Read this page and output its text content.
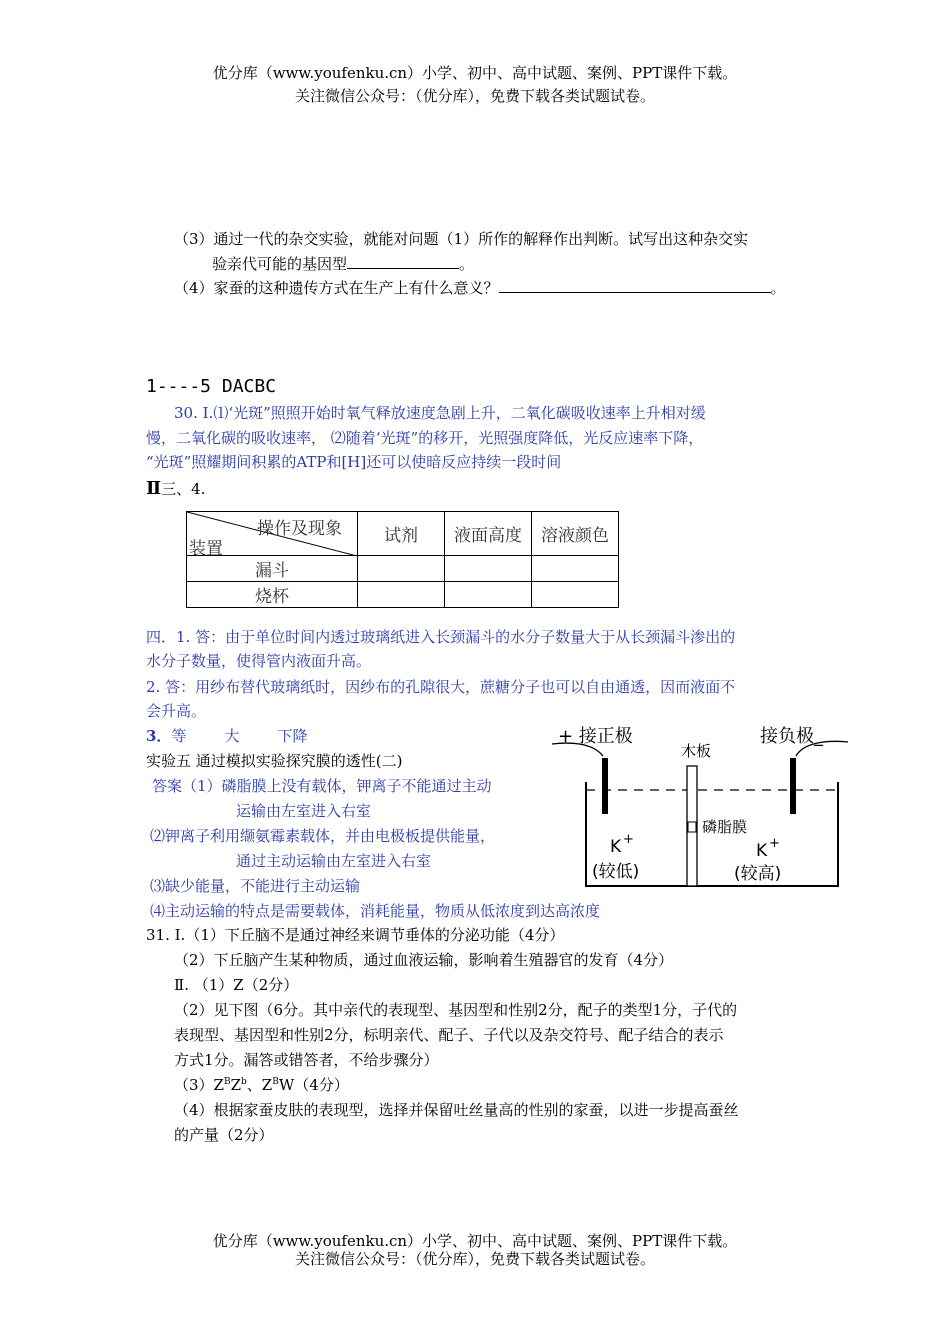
优分库（www.youfenku.cn）小学、初中、高中试题、案例、PPT课件下载。
关注微信公众号：（优分库），免费下载各类试题试卷。
（3）通过一代的杂交实验，就能对问题（1）所作的解释作出判断。试写出这种杂交实
验亲代可能的基因型	。
（4）家蚕的这种遗传方式在生产上有什么意义？	。
1----5 DACBC
30. I.⑴‘光斑”照照开始时氧气释放速度急剧上升，二氧化碳吸收速率上升相对缓
慢，二氧化碳的吸收速率， ⑵随着‘光斑”的移开，光照强度降低，光反应速率下降，
“光斑”照耀期间积累的ATP和[H]还可以使暗反应持续一段时间
Ⅱ三、4.
操作及现象
装置	试剂	液面高度	溶液颜色
漏斗			
烧杯			
四．1. 答：由于单位时间内透过玻璃纸进入长颈漏斗的水分子数量大于从长颈漏斗渗出的
水分子数量，使得管内液面升高。
2. 答：用纱布替代玻璃纸时，因纱布的孔隙很大，蔗糖分子也可以自由通透，因而液面不
会升高。
3．等	大	下降
实验五 通过模拟实验探究膜的透性(二)
答案（1）磷脂膜上没有载体，钾离子不能通过主动
运输由左室进入右室
⑵钾离子利用缬氨霉素载体，并由电极板提供能量，
通过主动运输由左室进入右室
⑶缺少能量，不能进行主动运输
⑷主动运输的特点是需要载体，消耗能量，物质从低浓度到达高浓度
木板
磷脂膜
+ 接正极	接负极_
K +
(较低)
K +
(较高)
31. Ⅰ.（1）下丘脑不是通过神经来调节垂体的分泌功能（4分）
（2）下丘脑产生某种物质，通过血液运输，影响着生殖器官的发育（4分）
Ⅱ. （1）Z（2分）
（2）见下图（6分。其中亲代的表现型、基因型和性别2分，配子的类型1分，子代的
表现型、基因型和性别2分，标明亲代、配子、子代以及杂交符号、配子结合的表示
方式1分。漏答或错答者，不给步骤分）
$(3)Z^BZ^b$、$Z^BW(4$分）
（4）根据家蚕皮肤的表现型，选择并保留吐丝量高的性别的家蚕，以进一步提高蚕丝
的产量（2分）
优分库（www.youfenku.cn）小学、初中、高中试题、案例、PPT课件下载。
关注微信公众号：（优分库），免费下载各类试题试卷。
